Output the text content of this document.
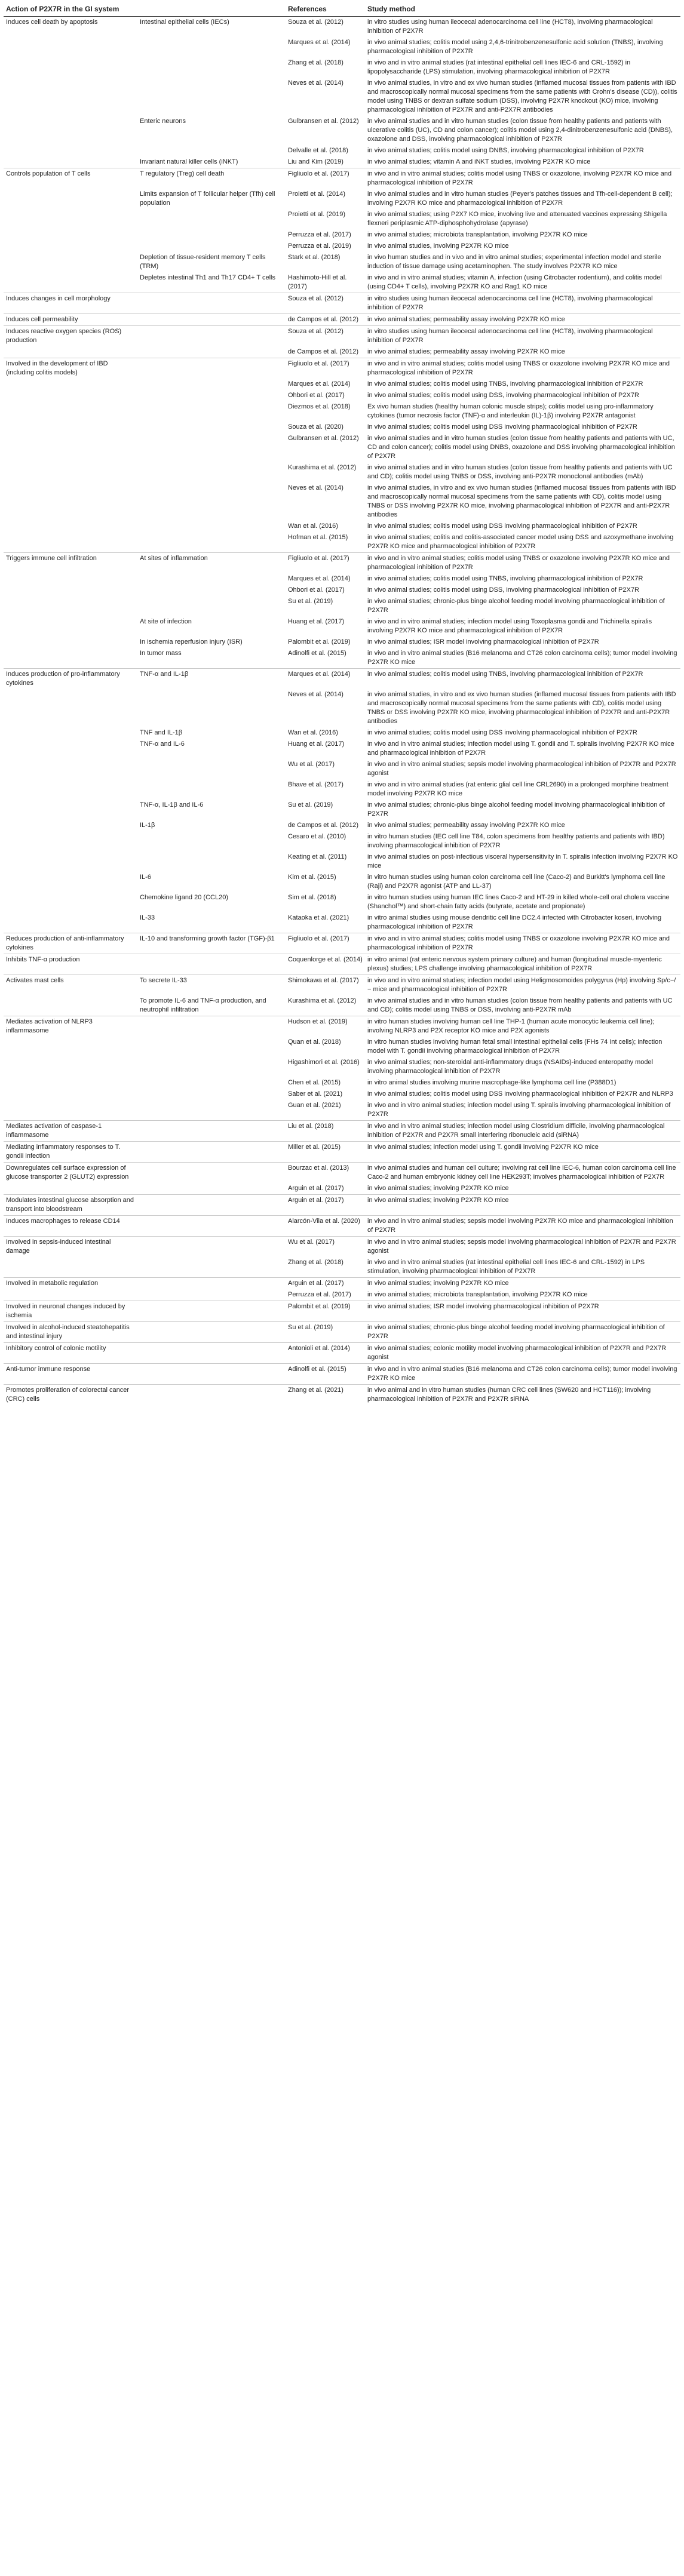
Action of P2X7R in the GI system		References	Study method
Induces cell death by apoptosis	Intestinal epithelial cells (IECs)	Souza et al. (2012)	in vitro studies using human ileocecal adenocarcinoma cell line (HCT8), involving pharmacological inhibition of P2X7R
		Marques et al. (2014)	in vivo animal studies; colitis model using 2,4,6-trinitrobenzenesulfonic acid solution (TNBS), involving pharmacological inhibition of P2X7R
		Zhang et al. (2018)	in vivo and in vitro animal studies (rat intestinal epithelial cell lines IEC-6 and CRL-1592) in lipopolysaccharide (LPS) stimulation, involving pharmacological inhibition of P2X7R
		Neves et al. (2014)	in vivo animal studies, in vitro and ex vivo human studies (inflamed mucosal tissues from patients with IBD and macroscopically normal mucosal specimens from the same patients with Crohn's disease (CD)), colitis model using TNBS or dextran sulfate sodium (DSS), involving P2X7R knockout (KO) mice, involving pharmacological inhibition of P2X7R and anti-P2X7R antibodies
	Enteric neurons	Gulbransen et al. (2012)	in vivo animal studies and in vitro human studies (colon tissue from healthy patients and patients with ulcerative colitis (UC), CD and colon cancer); colitis model using 2,4-dinitrobenzenesulfonic acid (DNBS), oxazolone and DSS, involving pharmacological inhibition of P2X7R
		Delvalle et al. (2018)	in vivo animal studies; colitis model using DNBS, involving pharmacological inhibition of P2X7R
	Invariant natural killer cells (iNKT)	Liu and Kim (2019)	in vivo animal studies; vitamin A and iNKT studies, involving P2X7R KO mice
Controls population of T cells	T regulatory (Treg) cell death	Figliuolo et al. (2017)	in vivo and in vitro animal studies; colitis model using TNBS or oxazolone, involving P2X7R KO mice and pharmacological inhibition of P2X7R
	Limits expansion of T follicular helper (Tfh) cell population	Proietti et al. (2014)	in vivo animal studies and in vitro human studies (Peyer's patches tissues and Tfh-cell-dependent B cell); involving P2X7R KO mice and pharmacological inhibition of P2X7R
		Proietti et al. (2019)	in vivo animal studies; using P2X7 KO mice, involving live and attenuated vaccines expressing Shigella flexneri periplasmic ATP-diphosphohydrolase (apyrase)
		Perruzza et al. (2017)	in vivo animal studies; microbiota transplantation, involving P2X7R KO mice
		Perruzza et al. (2019)	in vivo animal studies, involving P2X7R KO mice
	Depletion of tissue-resident memory T cells (TRM)	Stark et al. (2018)	in vivo human studies and in vivo and in vitro animal studies; experimental infection model and sterile induction of tissue damage using acetaminophen. The study involves P2X7R KO mice
	Depletes intestinal Th1 and Th17 CD4+ T cells	Hashimoto-Hill et al. (2017)	in vivo and in vitro animal studies; vitamin A, infection (using Citrobacter rodentium), and colitis model (using CD4+ T cells), involving P2X7R KO and Rag1 KO mice
Induces changes in cell morphology		Souza et al. (2012)	in vitro studies using human ileocecal adenocarcinoma cell line (HCT8), involving pharmacological inhibition of P2X7R
Induces cell permeability		de Campos et al. (2012)	in vivo animal studies; permeability assay involving P2X7R KO mice
Induces reactive oxygen species (ROS) production		Souza et al. (2012)	in vitro studies using human ileocecal adenocarcinoma cell line (HCT8), involving pharmacological inhibition of P2X7R
		de Campos et al. (2012)	in vivo animal studies; permeability assay involving P2X7R KO mice
Involved in the development of IBD (including colitis models)		Figliuolo et al. (2017)	in vivo and in vitro animal studies; colitis model using TNBS or oxazolone involving P2X7R KO mice and pharmacological inhibition of P2X7R
		Marques et al. (2014)	in vivo animal studies; colitis model using TNBS, involving pharmacological inhibition of P2X7R
		Ohbori et al. (2017)	in vivo animal studies; colitis model using DSS, involving pharmacological inhibition of P2X7R
		Diezmos et al. (2018)	Ex vivo human studies (healthy human colonic muscle strips); colitis model using pro-inflammatory cytokines (tumor necrosis factor (TNF)-α and interleukin (IL)-1β) involving P2X7R antagonist
		Souza et al. (2020)	in vivo animal studies; colitis model using DSS involving pharmacological inhibition of P2X7R
		Gulbransen et al. (2012)	in vivo animal studies and in vitro human studies (colon tissue from healthy patients and patients with UC, CD and colon cancer); colitis model using DNBS, oxazolone and DSS involving pharmacological inhibition of P2X7R
		Kurashima et al. (2012)	in vivo animal studies and in vitro human studies (colon tissue from healthy patients and patients with UC and CD); colitis model using TNBS or DSS, involving anti-P2X7R monoclonal antibodies (mAb)
		Neves et al. (2014)	in vivo animal studies, in vitro and ex vivo human studies (inflamed mucosal tissues from patients with IBD and macroscopically normal mucosal specimens from the same patients with CD), colitis model using TNBS or DSS involving P2X7R KO mice, involving pharmacological inhibition of P2X7R and anti-P2X7R antibodies
		Wan et al. (2016)	in vivo animal studies; colitis model using DSS involving pharmacological inhibition of P2X7R
		Hofman et al. (2015)	in vivo animal studies; colitis and colitis-associated cancer model using DSS and azoxymethane involving P2X7R KO mice and pharmacological inhibition of P2X7R
Triggers immune cell infiltration	At sites of inflammation	Figliuolo et al. (2017)	in vivo and in vitro animal studies; colitis model using TNBS or oxazolone involving P2X7R KO mice and pharmacological inhibition of P2X7R
		Marques et al. (2014)	in vivo animal studies; colitis model using TNBS, involving pharmacological inhibition of P2X7R
		Ohbori et al. (2017)	in vivo animal studies; colitis model using DSS, involving pharmacological inhibition of P2X7R
		Su et al. (2019)	in vivo animal studies; chronic-plus binge alcohol feeding model involving pharmacological inhibition of P2X7R
	At site of infection	Huang et al. (2017)	in vivo and in vitro animal studies; infection model using Toxoplasma gondii and Trichinella spiralis involving P2X7R KO mice and pharmacological inhibition of P2X7R
	In ischemia reperfusion injury (ISR)	Palombit et al. (2019)	in vivo animal studies; ISR model involving pharmacological inhibition of P2X7R
	In tumor mass	Adinolfi et al. (2015)	in vivo and in vitro animal studies (B16 melanoma and CT26 colon carcinoma cells); tumor model involving P2X7R KO mice
Induces production of pro-inflammatory cytokines	TNF-α and IL-1β	Marques et al. (2014)	in vivo animal studies; colitis model using TNBS, involving pharmacological inhibition of P2X7R
		Neves et al. (2014)	in vivo animal studies, in vitro and ex vivo human studies (inflamed mucosal tissues from patients with IBD and macroscopically normal mucosal specimens from the same patients with CD), colitis model using TNBS or DSS involving P2X7R KO mice, involving pharmacological inhibition of P2X7R and anti-P2X7R antibodies
	TNF and IL-1β	Wan et al. (2016)	in vivo animal studies; colitis model using DSS involving pharmacological inhibition of P2X7R
	TNF-α and IL-6	Huang et al. (2017)	in vivo and in vitro animal studies; infection model using T. gondii and T. spiralis involving P2X7R KO mice and pharmacological inhibition of P2X7R
		Wu et al. (2017)	in vivo and in vitro animal studies; sepsis model involving pharmacological inhibition of P2X7R and P2X7R agonist
		Bhave et al. (2017)	in vivo and in vitro animal studies (rat enteric glial cell line CRL2690) in a prolonged morphine treatment model involving P2X7R KO mice
	TNF-α, IL-1β and IL-6	Su et al. (2019)	in vivo animal studies; chronic-plus binge alcohol feeding model involving pharmacological inhibition of P2X7R
	IL-1β	de Campos et al. (2012)	in vivo animal studies; permeability assay involving P2X7R KO mice
		Cesaro et al. (2010)	in vitro human studies (IEC cell line T84, colon specimens from healthy patients and patients with IBD) involving pharmacological inhibition of P2X7R
		Keating et al. (2011)	in vivo animal studies on post-infectious visceral hypersensitivity in T. spiralis infection involving P2X7R KO mice
	IL-6	Kim et al. (2015)	in vitro human studies using human colon carcinoma cell line (Caco-2) and Burkitt's lymphoma cell line (Raji) and P2X7R agonist (ATP and LL-37)
	Chemokine ligand 20 (CCL20)	Sim et al. (2018)	in vitro human studies using human IEC lines Caco-2 and HT-29 in killed whole-cell oral cholera vaccine (Shanchol™) and short-chain fatty acids (butyrate, acetate and propionate)
	IL-33	Kataoka et al. (2021)	in vitro animal studies using mouse dendritic cell line DC2.4 infected with Citrobacter koseri, involving pharmacological inhibition of P2X7R
Reduces production of anti-inflammatory cytokines	IL-10 and transforming growth factor (TGF)-β1	Figliuolo et al. (2017)	in vivo and in vitro animal studies; colitis model using TNBS or oxazolone involving P2X7R KO mice and pharmacological inhibition of P2X7R
Inhibits TNF-α production		Coquenlorge et al. (2014)	in vitro animal (rat enteric nervous system primary culture) and human (longitudinal muscle-myenteric plexus) studies; LPS challenge involving pharmacological inhibition of P2X7R
Activates mast cells	To secrete IL-33	Shimokawa et al. (2017)	in vivo and in vitro animal studies; infection model using Heligmosomoides polygyrus (Hp) involving Sp/c−/− mice and pharmacological inhibition of P2X7R
	To promote IL-6 and TNF-α production, and neutrophil infiltration	Kurashima et al. (2012)	in vivo animal studies and in vitro human studies (colon tissue from healthy patients and patients with UC and CD); colitis model using TNBS or DSS, involving anti-P2X7R mAb
Mediates activation of NLRP3 inflammasome		Hudson et al. (2019)	in vitro human studies involving human cell line THP-1 (human acute monocytic leukemia cell line); involving NLRP3 and P2X receptor KO mice and P2X agonists
		Quan et al. (2018)	in vitro human studies involving human fetal small intestinal epithelial cells (FHs 74 Int cells); infection model with T. gondii involving pharmacological inhibition of P2X7R
		Higashimori et al. (2016)	in vivo animal studies; non-steroidal anti-inflammatory drugs (NSAIDs)-induced enteropathy model involving pharmacological inhibition of P2X7R
		Chen et al. (2015)	in vitro animal studies involving murine macrophage-like lymphoma cell line (P388D1)
		Saber et al. (2021)	in vivo animal studies; colitis model using DSS involving pharmacological inhibition of P2X7R and NLRP3
		Guan et al. (2021)	in vivo and in vitro animal studies; infection model using T. spiralis involving pharmacological inhibition of P2X7R
Mediates activation of caspase-1 inflammasome		Liu et al. (2018)	in vivo and in vitro animal studies; infection model using Clostridium difficile, involving pharmacological inhibition of P2X7R and P2X7R small interfering ribonucleic acid (siRNA)
Mediating inflammatory responses to T. gondii infection		Miller et al. (2015)	in vivo animal studies; infection model using T. gondii involving P2X7R KO mice
Downregulates cell surface expression of glucose transporter 2 (GLUT2) expression		Bourzac et al. (2013)	in vivo animal studies and human cell culture; involving rat cell line IEC-6, human colon carcinoma cell line Caco-2 and human embryonic kidney cell line HEK293T; involves pharmacological inhibition of P2X7R
		Arguin et al. (2017)	in vivo animal studies; involving P2X7R KO mice
Modulates intestinal glucose absorption and transport into bloodstream		Arguin et al. (2017)	in vivo animal studies; involving P2X7R KO mice
Induces macrophages to release CD14		Alarcón-Vila et al. (2020)	in vivo and in vitro animal studies; sepsis model involving P2X7R KO mice and pharmacological inhibition of P2X7R
Involved in sepsis-induced intestinal damage		Wu et al. (2017)	in vivo and in vitro animal studies; sepsis model involving pharmacological inhibition of P2X7R and P2X7R agonist
		Zhang et al. (2018)	in vivo and in vitro animal studies (rat intestinal epithelial cell lines IEC-6 and CRL-1592) in LPS stimulation, involving pharmacological inhibition of P2X7R
Involved in metabolic regulation		Arguin et al. (2017)	in vivo animal studies; involving P2X7R KO mice
		Perruzza et al. (2017)	in vivo animal studies; microbiota transplantation, involving P2X7R KO mice
Involved in neuronal changes induced by ischemia		Palombit et al. (2019)	in vivo animal studies; ISR model involving pharmacological inhibition of P2X7R
Involved in alcohol-induced steatohepatitis and intestinal injury		Su et al. (2019)	in vivo animal studies; chronic-plus binge alcohol feeding model involving pharmacological inhibition of P2X7R
Inhibitory control of colonic motility		Antonioli et al. (2014)	in vivo animal studies; colonic motility model involving pharmacological inhibition of P2X7R and P2X7R agonist
Anti-tumor immune response		Adinolfi et al. (2015)	in vivo and in vitro animal studies (B16 melanoma and CT26 colon carcinoma cells); tumor model involving P2X7R KO mice
Promotes proliferation of colorectal cancer (CRC) cells		Zhang et al. (2021)	in vivo animal and in vitro human studies (human CRC cell lines (SW620 and HCT116)); involving pharmacological inhibition of P2X7R and P2X7R siRNA
